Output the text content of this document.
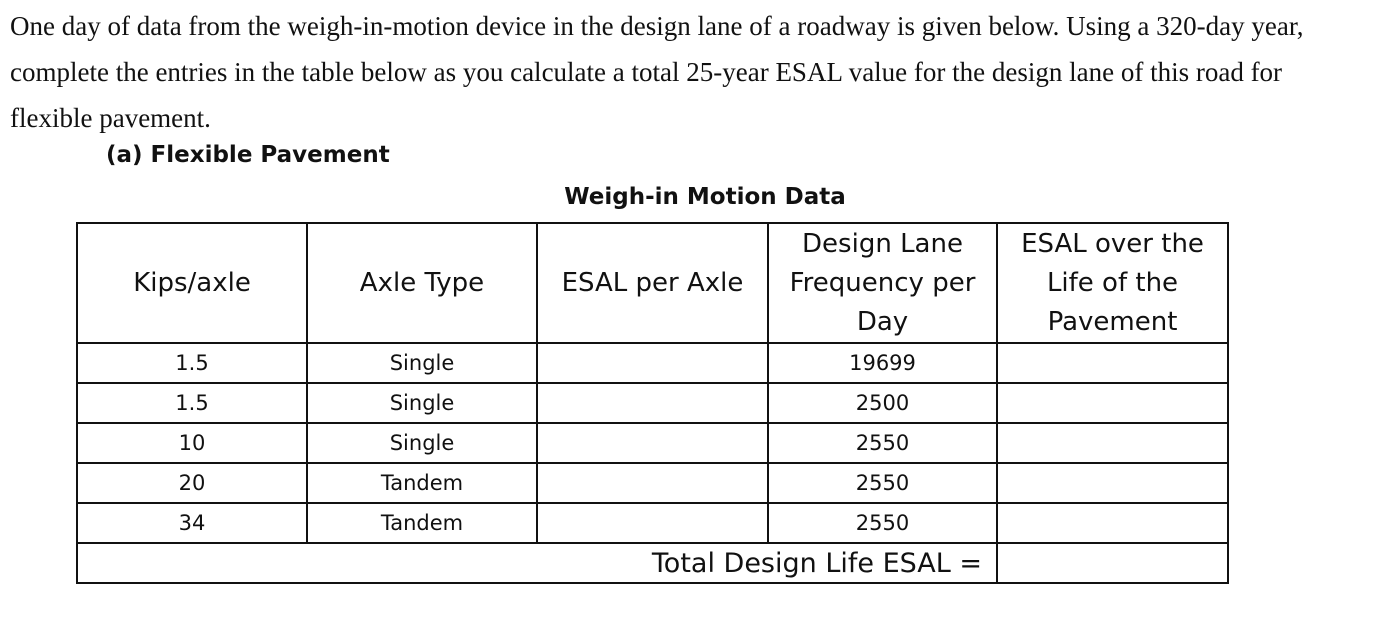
One day of data from the weigh-in-motion device in the design lane of a roadway is given below. Using a 320-day year, complete the entries in the table below as you calculate a total 25-year ESAL value for the design lane of this road for flexible pavement.

(a) Flexible Pavement

Weigh-in Motion Data

Kips/axle	Axle Type	ESAL per Axle	Design Lane Frequency per Day	ESAL over the Life of the Pavement
1.5	Single		19699	
1.5	Single		2500	
10	Single		2550	
20	Tandem		2550	
34	Tandem		2550	
Total Design Life ESAL =				
